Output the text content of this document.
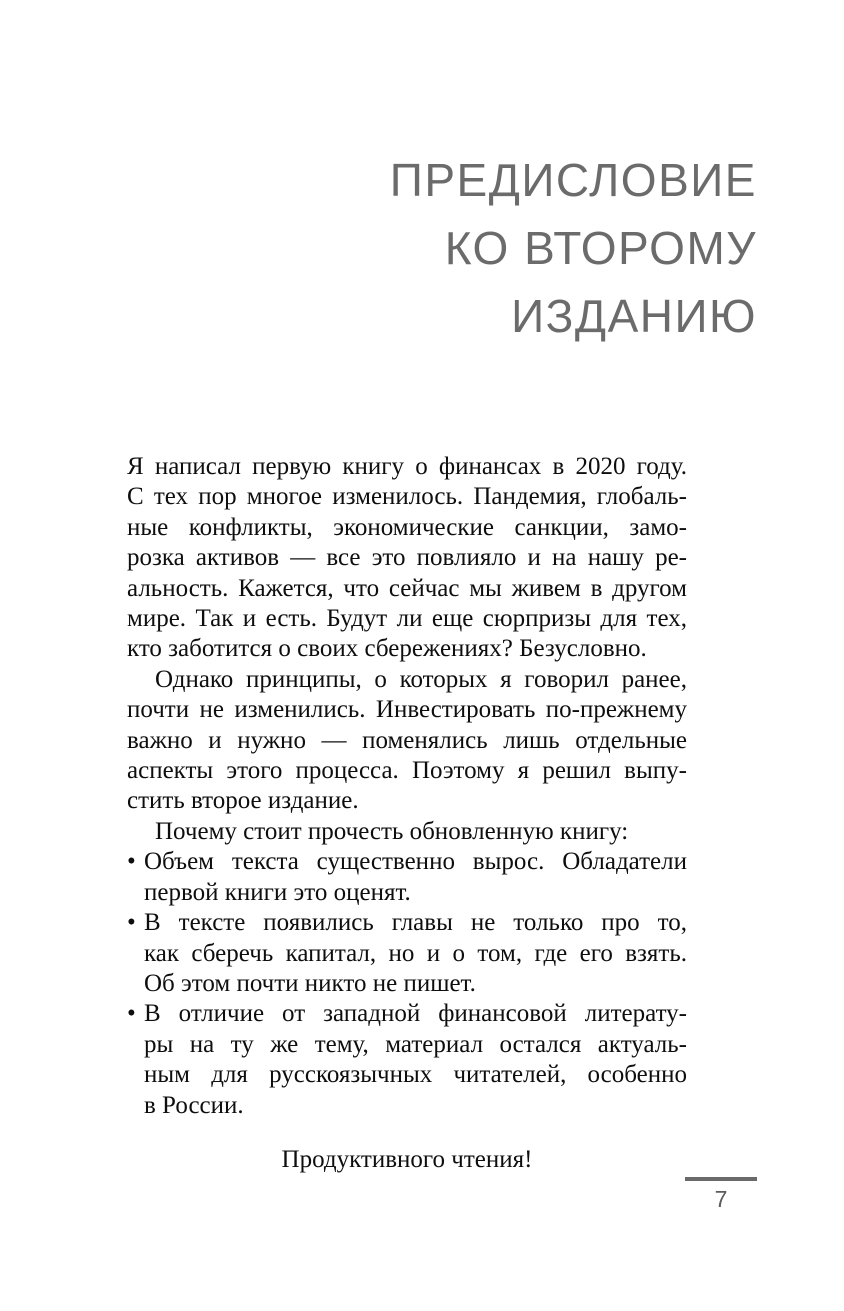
ПРЕДИСЛОВИЕ
КО ВТОРОМУ
ИЗДАНИЮ
Я написал первую книгу о финансах в 2020 году.
С тех пор многое изменилось. Пандемия, глобаль-
ные конфликты, экономические санкции, замо-
розка активов — все это повлияло и на нашу ре-
альность. Кажется, что сейчас мы живем в другом
мире. Так и есть. Будут ли еще сюрпризы для тех,
кто заботится о своих сбережениях? Безусловно.
Однако принципы, о которых я говорил ранее,
почти не изменились. Инвестировать по-прежнему
важно и нужно — поменялись лишь отдельные
аспекты этого процесса. Поэтому я решил выпу-
стить второе издание.
Почему стоит прочесть обновленную книгу:
• Объем текста существенно вырос. Обладатели
первой книги это оценят.
• В тексте появились главы не только про то,
как сберечь капитал, но и о том, где его взять.
Об этом почти никто не пишет.
• В отличие от западной финансовой литерату-
ры на ту же тему, материал остался актуаль-
ным для русскоязычных читателей, особенно
в России.
Продуктивного чтения!
7
